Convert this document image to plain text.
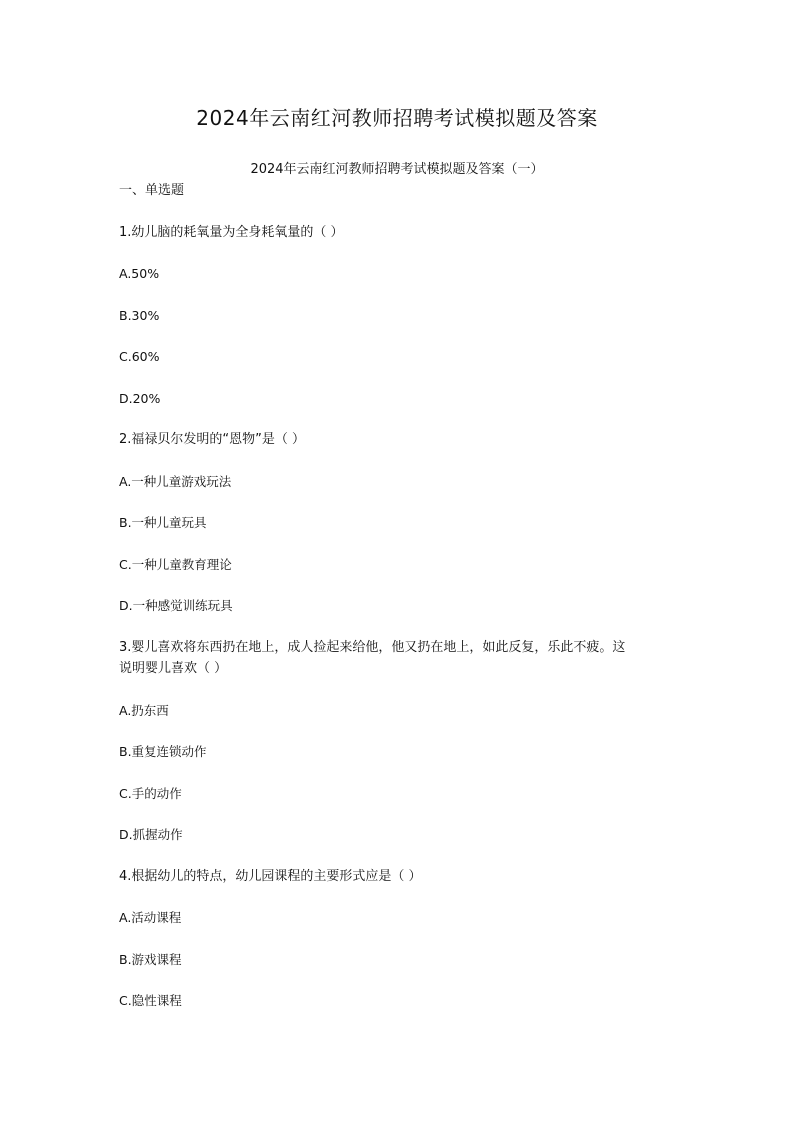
2024年云南红河教师招聘考试模拟题及答案
2024年云南红河教师招聘考试模拟题及答案（一）
一、单选题
1.幼儿脑的耗氧量为全身耗氧量的（ ）
A.50%
B.30%
C.60%
D.20%
2.福禄贝尔发明的“恩物”是（ ）
A.一种儿童游戏玩法
B.一种儿童玩具
C.一种儿童教育理论
D.一种感觉训练玩具
3.婴儿喜欢将东西扔在地上，成人捡起来给他，他又扔在地上，如此反复，乐此不疲。这
说明婴儿喜欢（ ）
A.扔东西
B.重复连锁动作
C.手的动作
D.抓握动作
4.根据幼儿的特点，幼儿园课程的主要形式应是（ ）
A.活动课程
B.游戏课程
C.隐性课程
